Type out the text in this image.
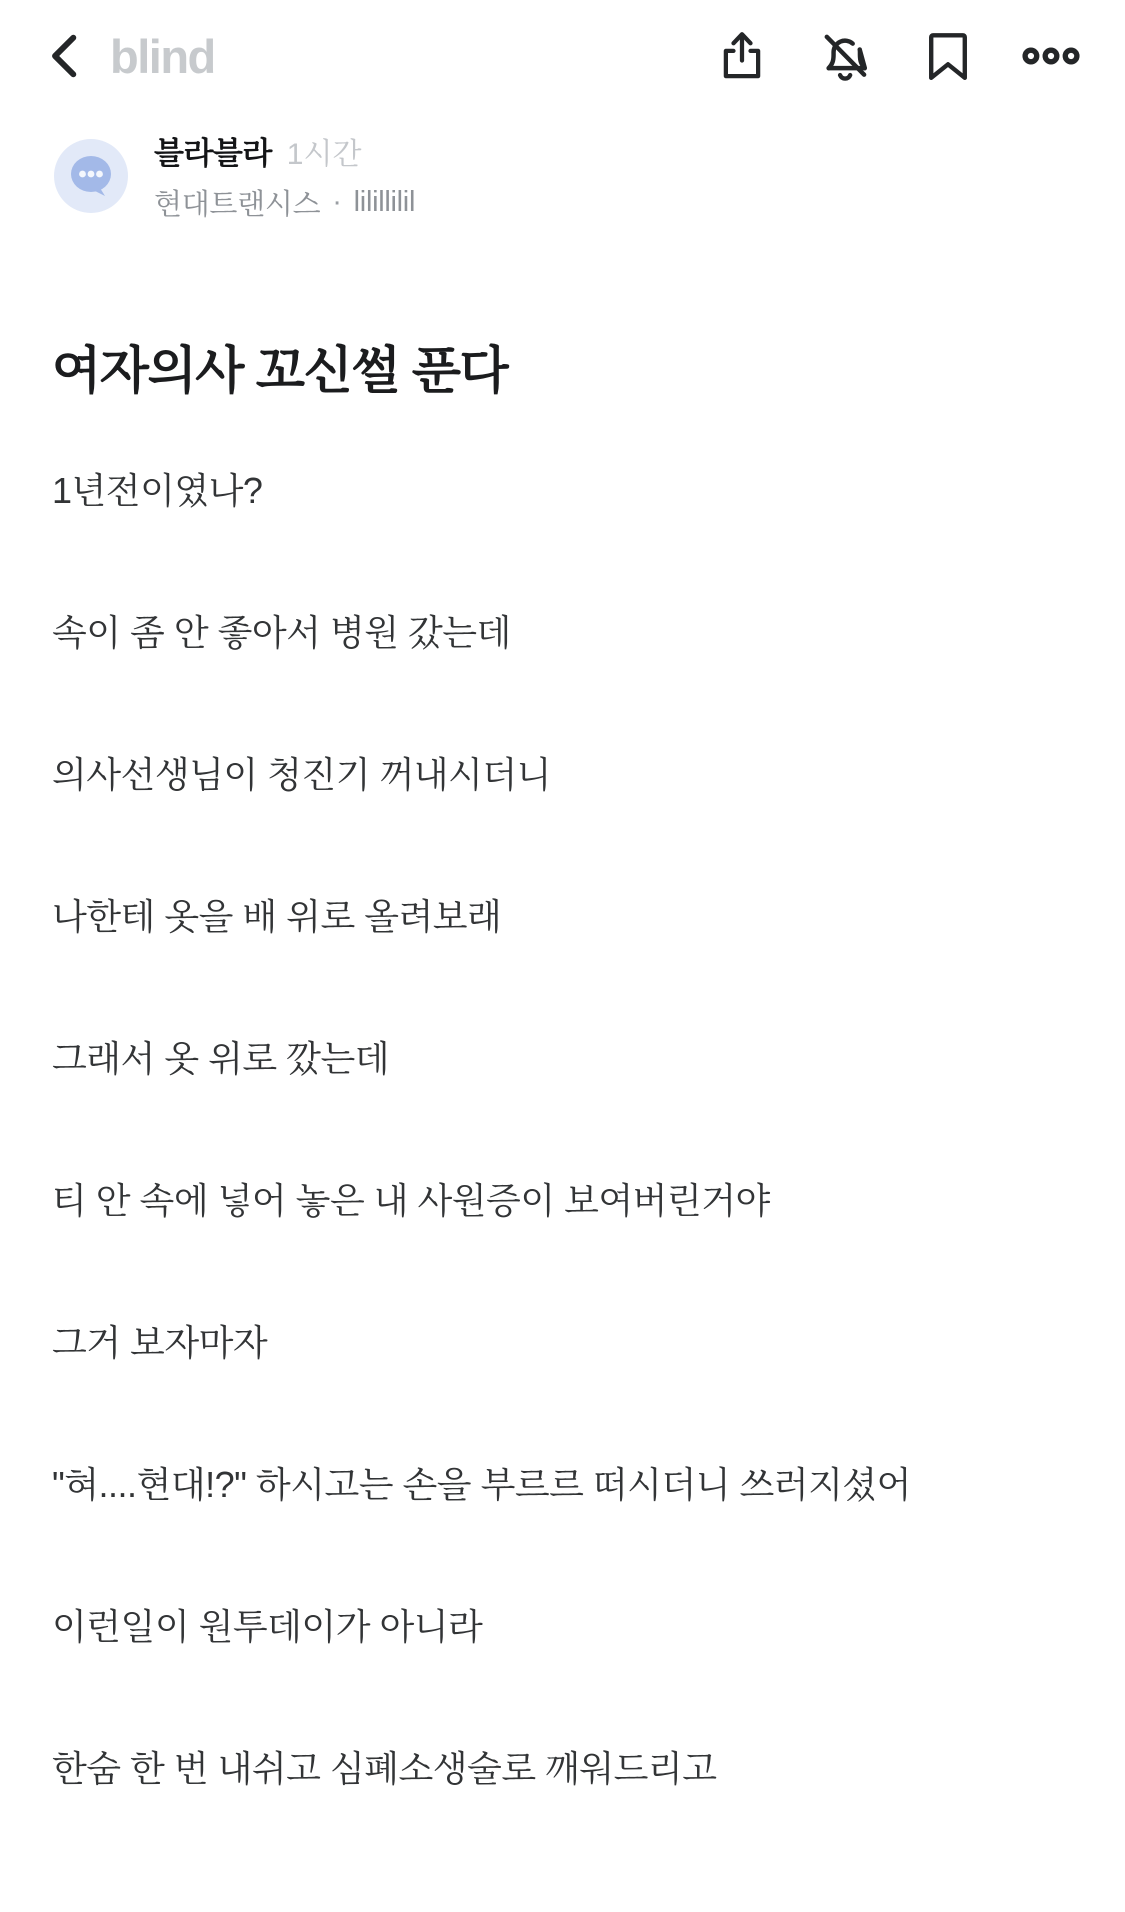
blind
블라블라 1시간
현대트랜시스 · lilillilil
여자의사 꼬신썰 푼다

1년전이였나?

속이 좀 안 좋아서 병원 갔는데

의사선생님이 청진기 꺼내시더니

나한테 옷을 배 위로 올려보래

그래서 옷 위로 깠는데

티 안 속에 넣어 놓은 내 사원증이 보여버린거야

그거 보자마자

"혀....현대!?" 하시고는 손을 부르르 떠시더니 쓰러지셨어

이런일이 원투데이가 아니라

한숨 한 번 내쉬고 심폐소생술로 깨워드리고
